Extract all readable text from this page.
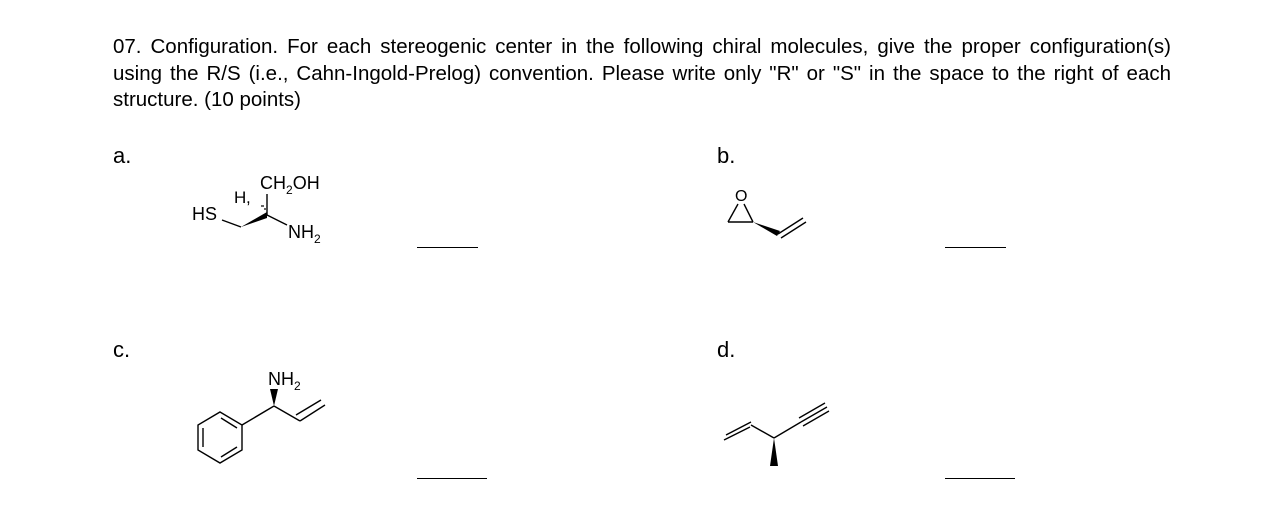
07. Configuration. For each stereogenic center in the following chiral molecules, give the proper configuration(s) using the R/S (i.e., Cahn-Ingold-Prelog) convention. Please write only "R" or "S" in the space to the right of each structure. (10 points)
a.
HS
H ,
$CH_2OH$
$NH_2$
b.
O
c.
$NH_2$
d.
